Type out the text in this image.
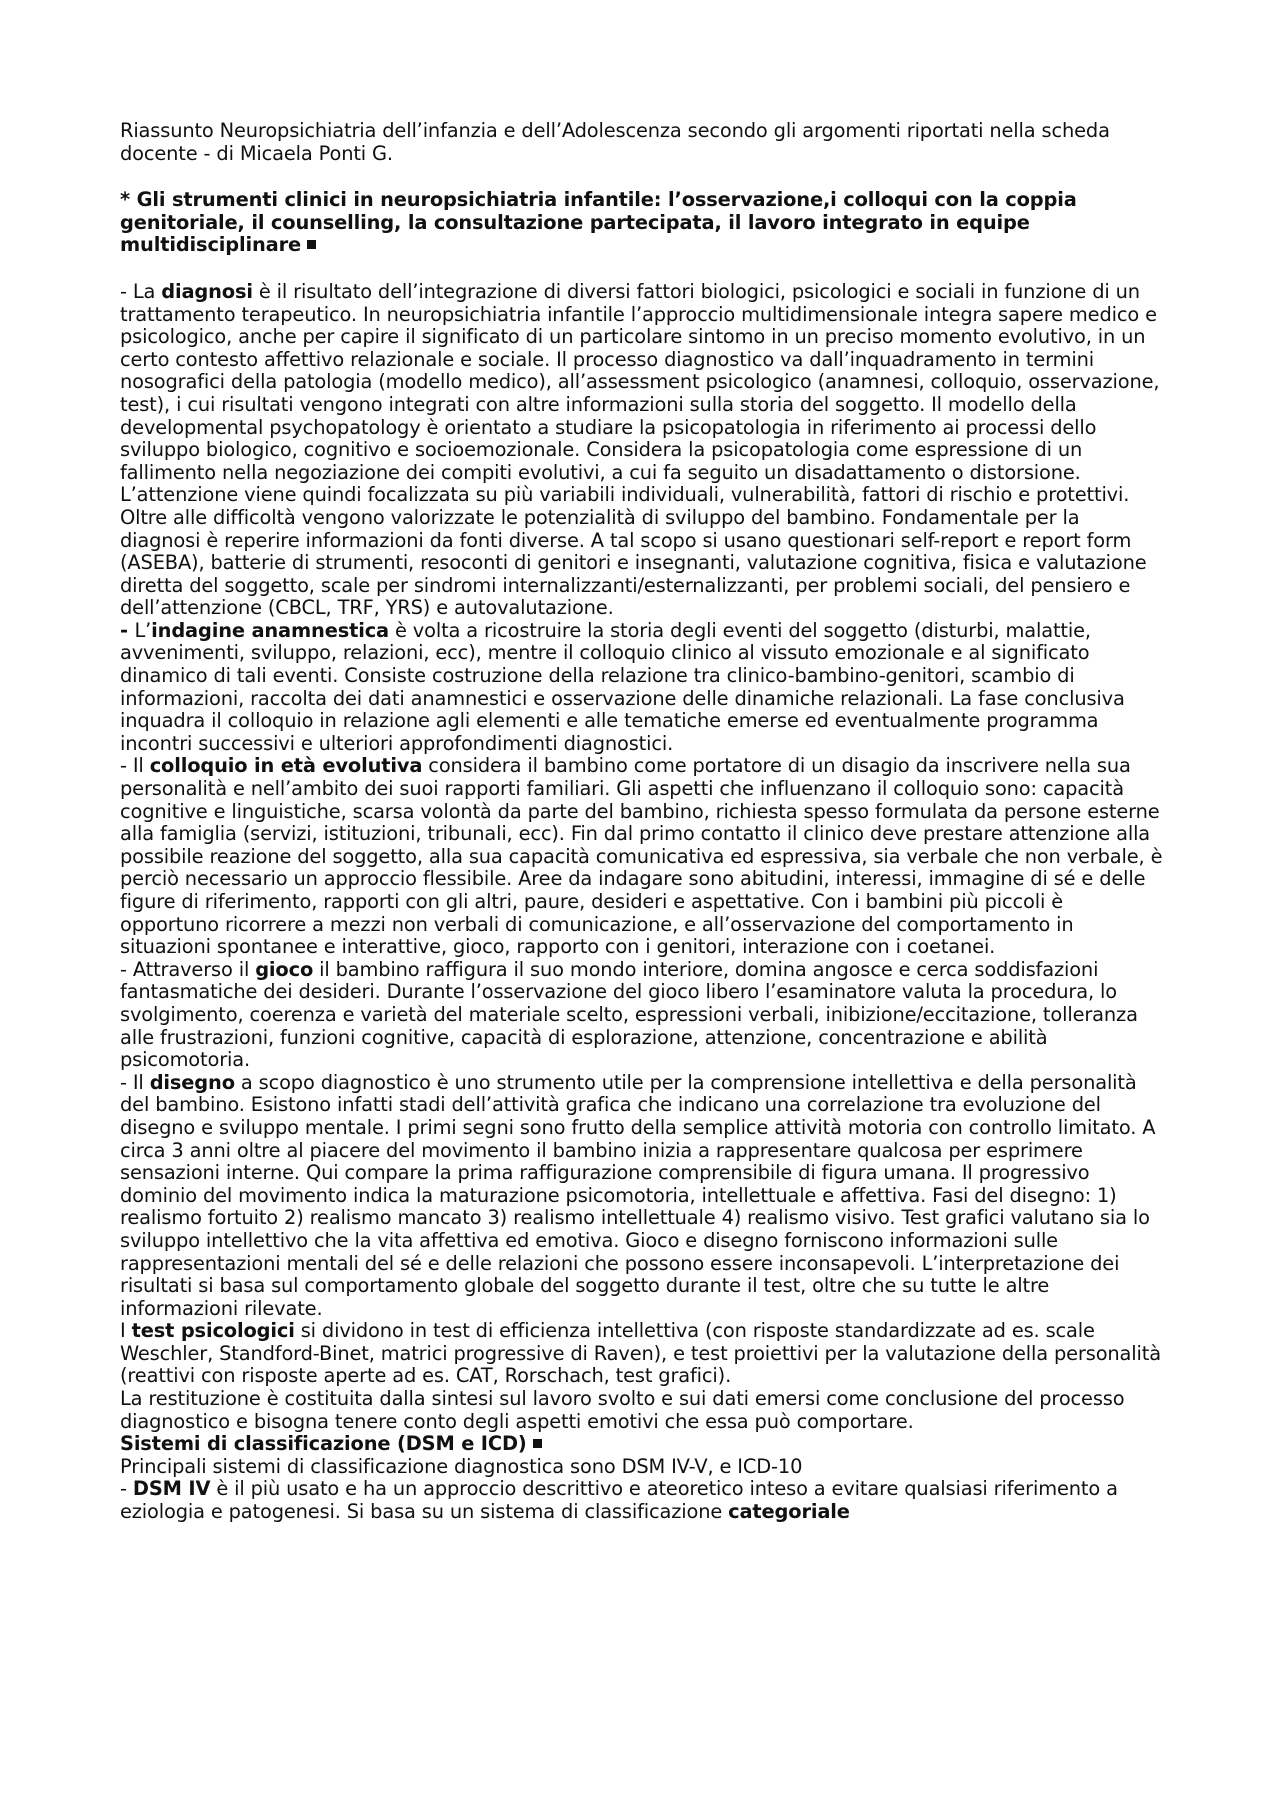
Riassunto Neuropsichiatria dell’infanzia e dell’Adolescenza secondo gli argomenti riportati nella scheda docente - di Micaela Ponti G.

* Gli strumenti clinici in neuropsichiatria infantile: l’osservazione,i colloqui con la coppia genitoriale, il counselling, la consultazione partecipata, il lavoro integrato in equipe multidisciplinare

- La diagnosi è il risultato dell’integrazione di diversi fattori biologici, psicologici e sociali in funzione di un trattamento terapeutico. In neuropsichiatria infantile l’approccio multidimensionale integra sapere medico e psicologico, anche per capire il significato di un particolare sintomo in un preciso momento evolutivo, in un certo contesto affettivo relazionale e sociale. Il processo diagnostico va dall’inquadramento in termini nosografici della patologia (modello medico), all’assessment psicologico (anamnesi, colloquio, osservazione, test), i cui risultati vengono integrati con altre informazioni sulla storia del soggetto. Il modello della developmental psychopatology è orientato a studiare la psicopatologia in riferimento ai processi dello sviluppo biologico, cognitivo e socioemozionale. Considera la psicopatologia come espressione di un fallimento nella negoziazione dei compiti evolutivi, a cui fa seguito un disadattamento o distorsione. L’attenzione viene quindi focalizzata su più variabili individuali, vulnerabilità, fattori di rischio e protettivi. Oltre alle difficoltà vengono valorizzate le potenzialità di sviluppo del bambino. Fondamentale per la diagnosi è reperire informazioni da fonti diverse. A tal scopo si usano questionari self-report e report form (ASEBA), batterie di strumenti, resoconti di genitori e insegnanti, valutazione cognitiva, fisica e valutazione diretta del soggetto, scale per sindromi internalizzanti/esternalizzanti, per problemi sociali, del pensiero e dell’attenzione (CBCL, TRF, YRS) e autovalutazione.

- L’indagine anamnestica è volta a ricostruire la storia degli eventi del soggetto (disturbi, malattie, avvenimenti, sviluppo, relazioni, ecc), mentre il colloquio clinico al vissuto emozionale e al significato dinamico di tali eventi. Consiste costruzione della relazione tra clinico-bambino-genitori, scambio di informazioni, raccolta dei dati anamnestici e osservazione delle dinamiche relazionali. La fase conclusiva inquadra il colloquio in relazione agli elementi e alle tematiche emerse ed eventualmente programma incontri successivi e ulteriori approfondimenti diagnostici.

- Il colloquio in età evolutiva considera il bambino come portatore di un disagio da inscrivere nella sua personalità e nell’ambito dei suoi rapporti familiari. Gli aspetti che influenzano il colloquio sono: capacità cognitive e linguistiche, scarsa volontà da parte del bambino, richiesta spesso formulata da persone esterne alla famiglia (servizi, istituzioni, tribunali, ecc). Fin dal primo contatto il clinico deve prestare attenzione alla possibile reazione del soggetto, alla sua capacità comunicativa ed espressiva, sia verbale che non verbale, è perciò necessario un approccio flessibile. Aree da indagare sono abitudini, interessi, immagine di sé e delle figure di riferimento, rapporti con gli altri, paure, desideri e aspettative. Con i bambini più piccoli è opportuno ricorrere a mezzi non verbali di comunicazione, e all’osservazione del comportamento in situazioni spontanee e interattive, gioco, rapporto con i genitori, interazione con i coetanei.

- Attraverso il gioco il bambino raffigura il suo mondo interiore, domina angosce e cerca soddisfazioni fantasmatiche dei desideri. Durante l’osservazione del gioco libero l’esaminatore valuta la procedura, lo svolgimento, coerenza e varietà del materiale scelto, espressioni verbali, inibizione/eccitazione, tolleranza alle frustrazioni, funzioni cognitive, capacità di esplorazione, attenzione, concentrazione e abilità psicomotoria.

- Il disegno a scopo diagnostico è uno strumento utile per la comprensione intellettiva e della personalità del bambino. Esistono infatti stadi dell’attività grafica che indicano una correlazione tra evoluzione del disegno e sviluppo mentale. I primi segni sono frutto della semplice attività motoria con controllo limitato. A circa 3 anni oltre al piacere del movimento il bambino inizia a rappresentare qualcosa per esprimere sensazioni interne. Qui compare la prima raffigurazione comprensibile di figura umana. Il progressivo dominio del movimento indica la maturazione psicomotoria, intellettuale e affettiva. Fasi del disegno: 1) realismo fortuito 2) realismo mancato 3) realismo intellettuale 4) realismo visivo. Test grafici valutano sia lo sviluppo intellettivo che la vita affettiva ed emotiva. Gioco e disegno forniscono informazioni sulle rappresentazioni mentali del sé e delle relazioni che possono essere inconsapevoli. L’interpretazione dei risultati si basa sul comportamento globale del soggetto durante il test, oltre che su tutte le altre informazioni rilevate.

I test psicologici si dividono in test di efficienza intellettiva (con risposte standardizzate ad es. scale Weschler, Standford-Binet, matrici progressive di Raven), e test proiettivi per la valutazione della personalità (reattivi con risposte aperte ad es. CAT, Rorschach, test grafici).

La restituzione è costituita dalla sintesi sul lavoro svolto e sui dati emersi come conclusione del processo diagnostico e bisogna tenere conto degli aspetti emotivi che essa può comportare.

Sistemi di classificazione (DSM e ICD)

Principali sistemi di classificazione diagnostica sono DSM IV-V, e ICD-10

- DSM IV è il più usato e ha un approccio descrittivo e ateoretico inteso a evitare qualsiasi riferimento a eziologia e patogenesi. Si basa su un sistema di classificazione categoriale
